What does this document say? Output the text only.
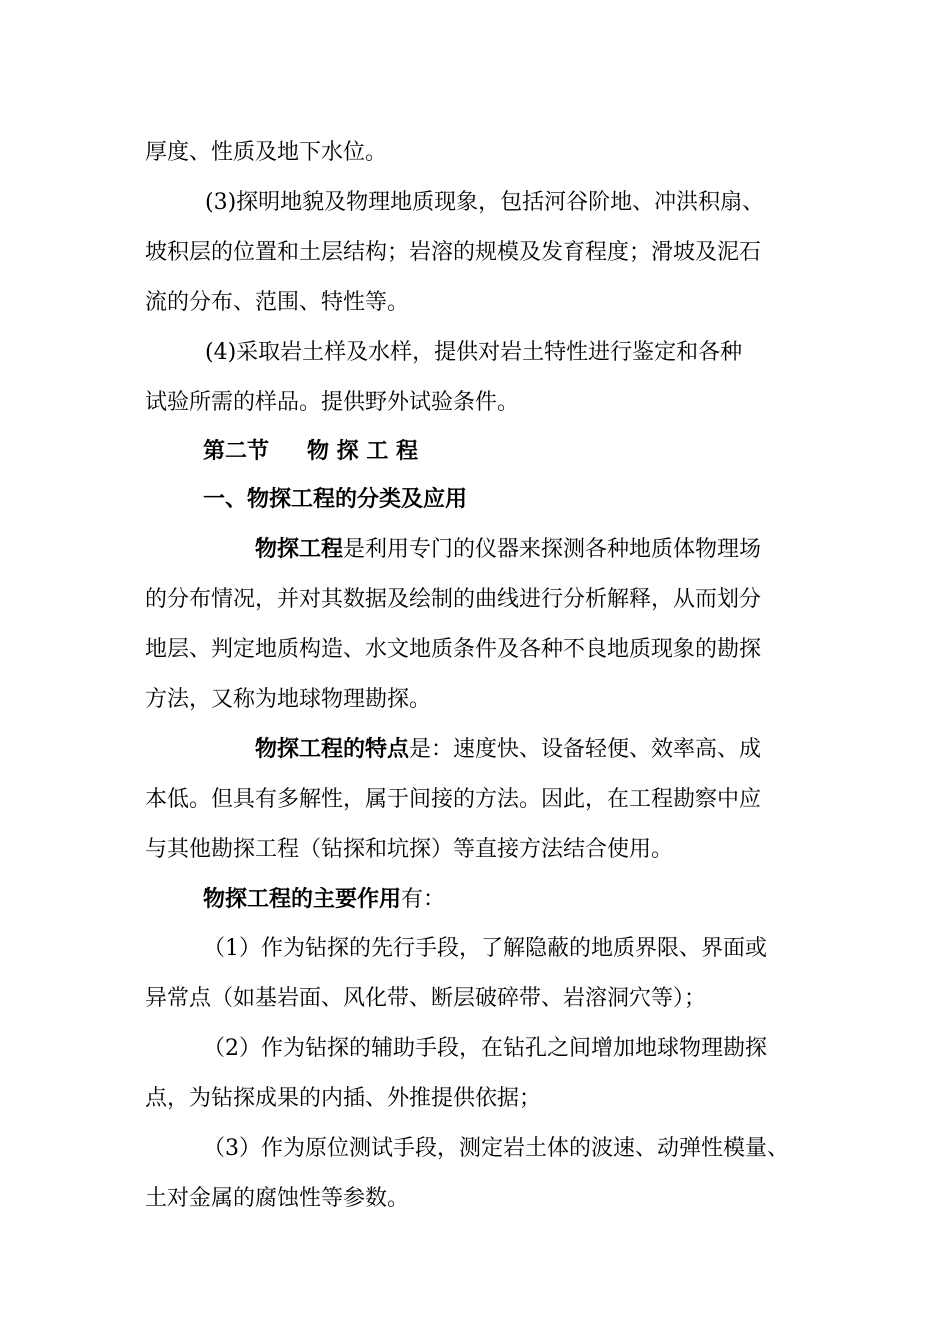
厚度、性质及地下水位。
(3)探明地貌及物理地质现象，包括河谷阶地、冲洪积扇、
坡积层的位置和土层结构；岩溶的规模及发育程度；滑坡及泥石
流的分布、范围、特性等。
(4)采取岩土样及水样，提供对岩土特性进行鉴定和各种
试验所需的样品。提供野外试验条件。
第二节 物 探 工 程
一、物探工程的分类及应用
物探工程是利用专门的仪器来探测各种地质体物理场
的分布情况，并对其数据及绘制的曲线进行分析解释，从而划分
地层、判定地质构造、水文地质条件及各种不良地质现象的勘探
方法，又称为地球物理勘探。
物探工程的特点是：速度快、设备轻便、效率高、成
本低。但具有多解性，属于间接的方法。因此，在工程勘察中应
与其他勘探工程（钻探和坑探）等直接方法结合使用。
物探工程的主要作用有：
（1）作为钻探的先行手段，了解隐蔽的地质界限、界面或
异常点（如基岩面、风化带、断层破碎带、岩溶洞穴等）；
（2）作为钻探的辅助手段，在钻孔之间增加地球物理勘探
点，为钻探成果的内插、外推提供依据；
（3）作为原位测试手段，测定岩土体的波速、动弹性模量、
土对金属的腐蚀性等参数。
